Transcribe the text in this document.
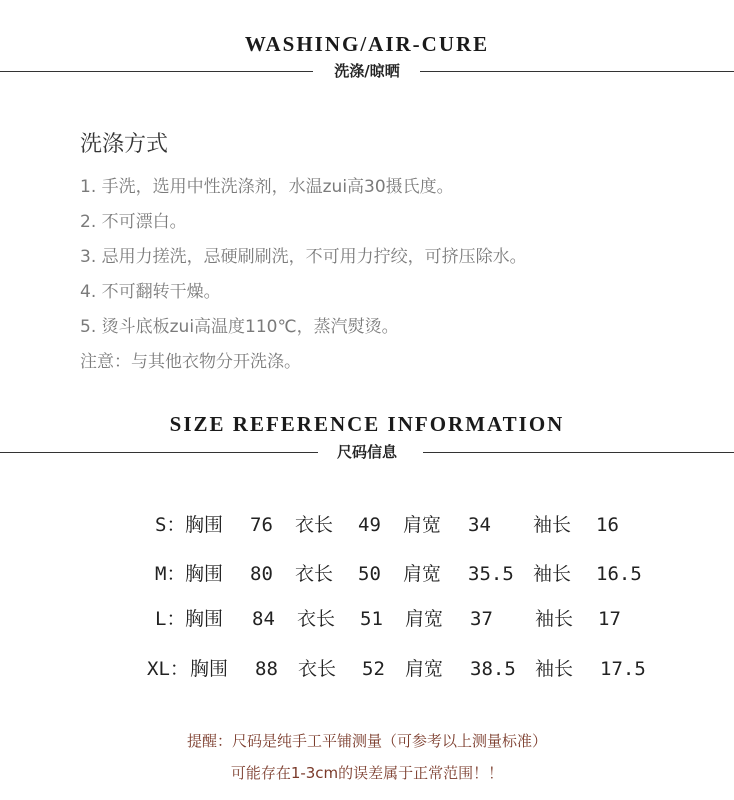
WASHING/AIR-CURE
洗涤/晾晒
洗涤方式
1. 手洗，选用中性洗涤剂，水温zui高30摄氏度。
2. 不可漂白。
3. 忌用力搓洗，忌硬刷刷洗，不可用力拧绞，可挤压除水。
4. 不可翻转干燥。
5. 烫斗底板zui高温度110℃，蒸汽熨烫。
注意：与其他衣物分开洗涤。
SIZE REFERENCE INFORMATION
尺码信息
S： 胸围 76 衣长 49 肩宽 34 袖长 16
M： 胸围 80 衣长 50 肩宽 35.5 袖长 16.5
L： 胸围 84 衣长 51 肩宽 37 袖长 17
XL： 胸围 88 衣长 52 肩宽 38.5 袖长 17.5
提醒：尺码是纯手工平铺测量（可参考以上测量标准）
可能存在1-3cm的误差属于正常范围！！
